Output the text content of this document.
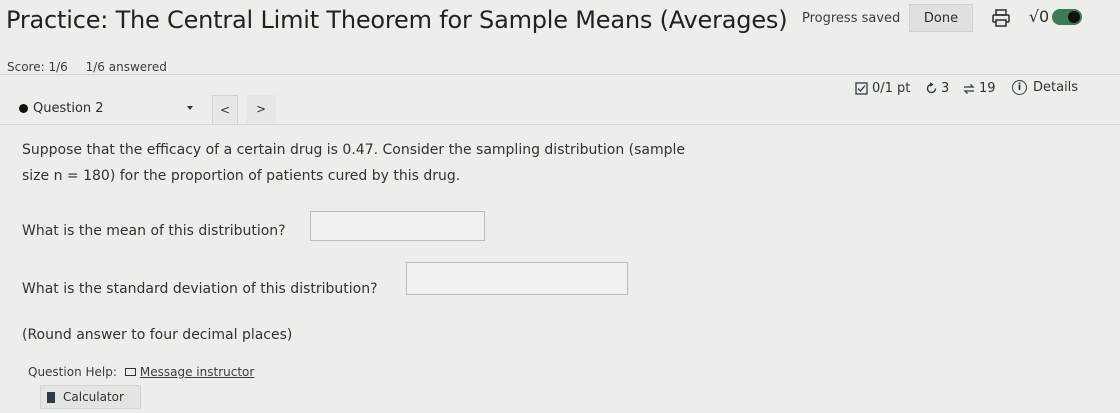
Practice: The Central Limit Theorem for Sample Means (Averages) Progress saved	Done	√0
Score: 1/6 1/6 answered
Question 2	<	>
0/1 pt 3 19	i Details
Suppose that the efficacy of a certain drug is 0.47. Consider the sampling distribution (sample
size n = 180) for the proportion of patients cured by this drug.
What is the mean of this distribution?
What is the standard deviation of this distribution?
(Round answer to four decimal places)
Question Help: Message instructor
Calculator
